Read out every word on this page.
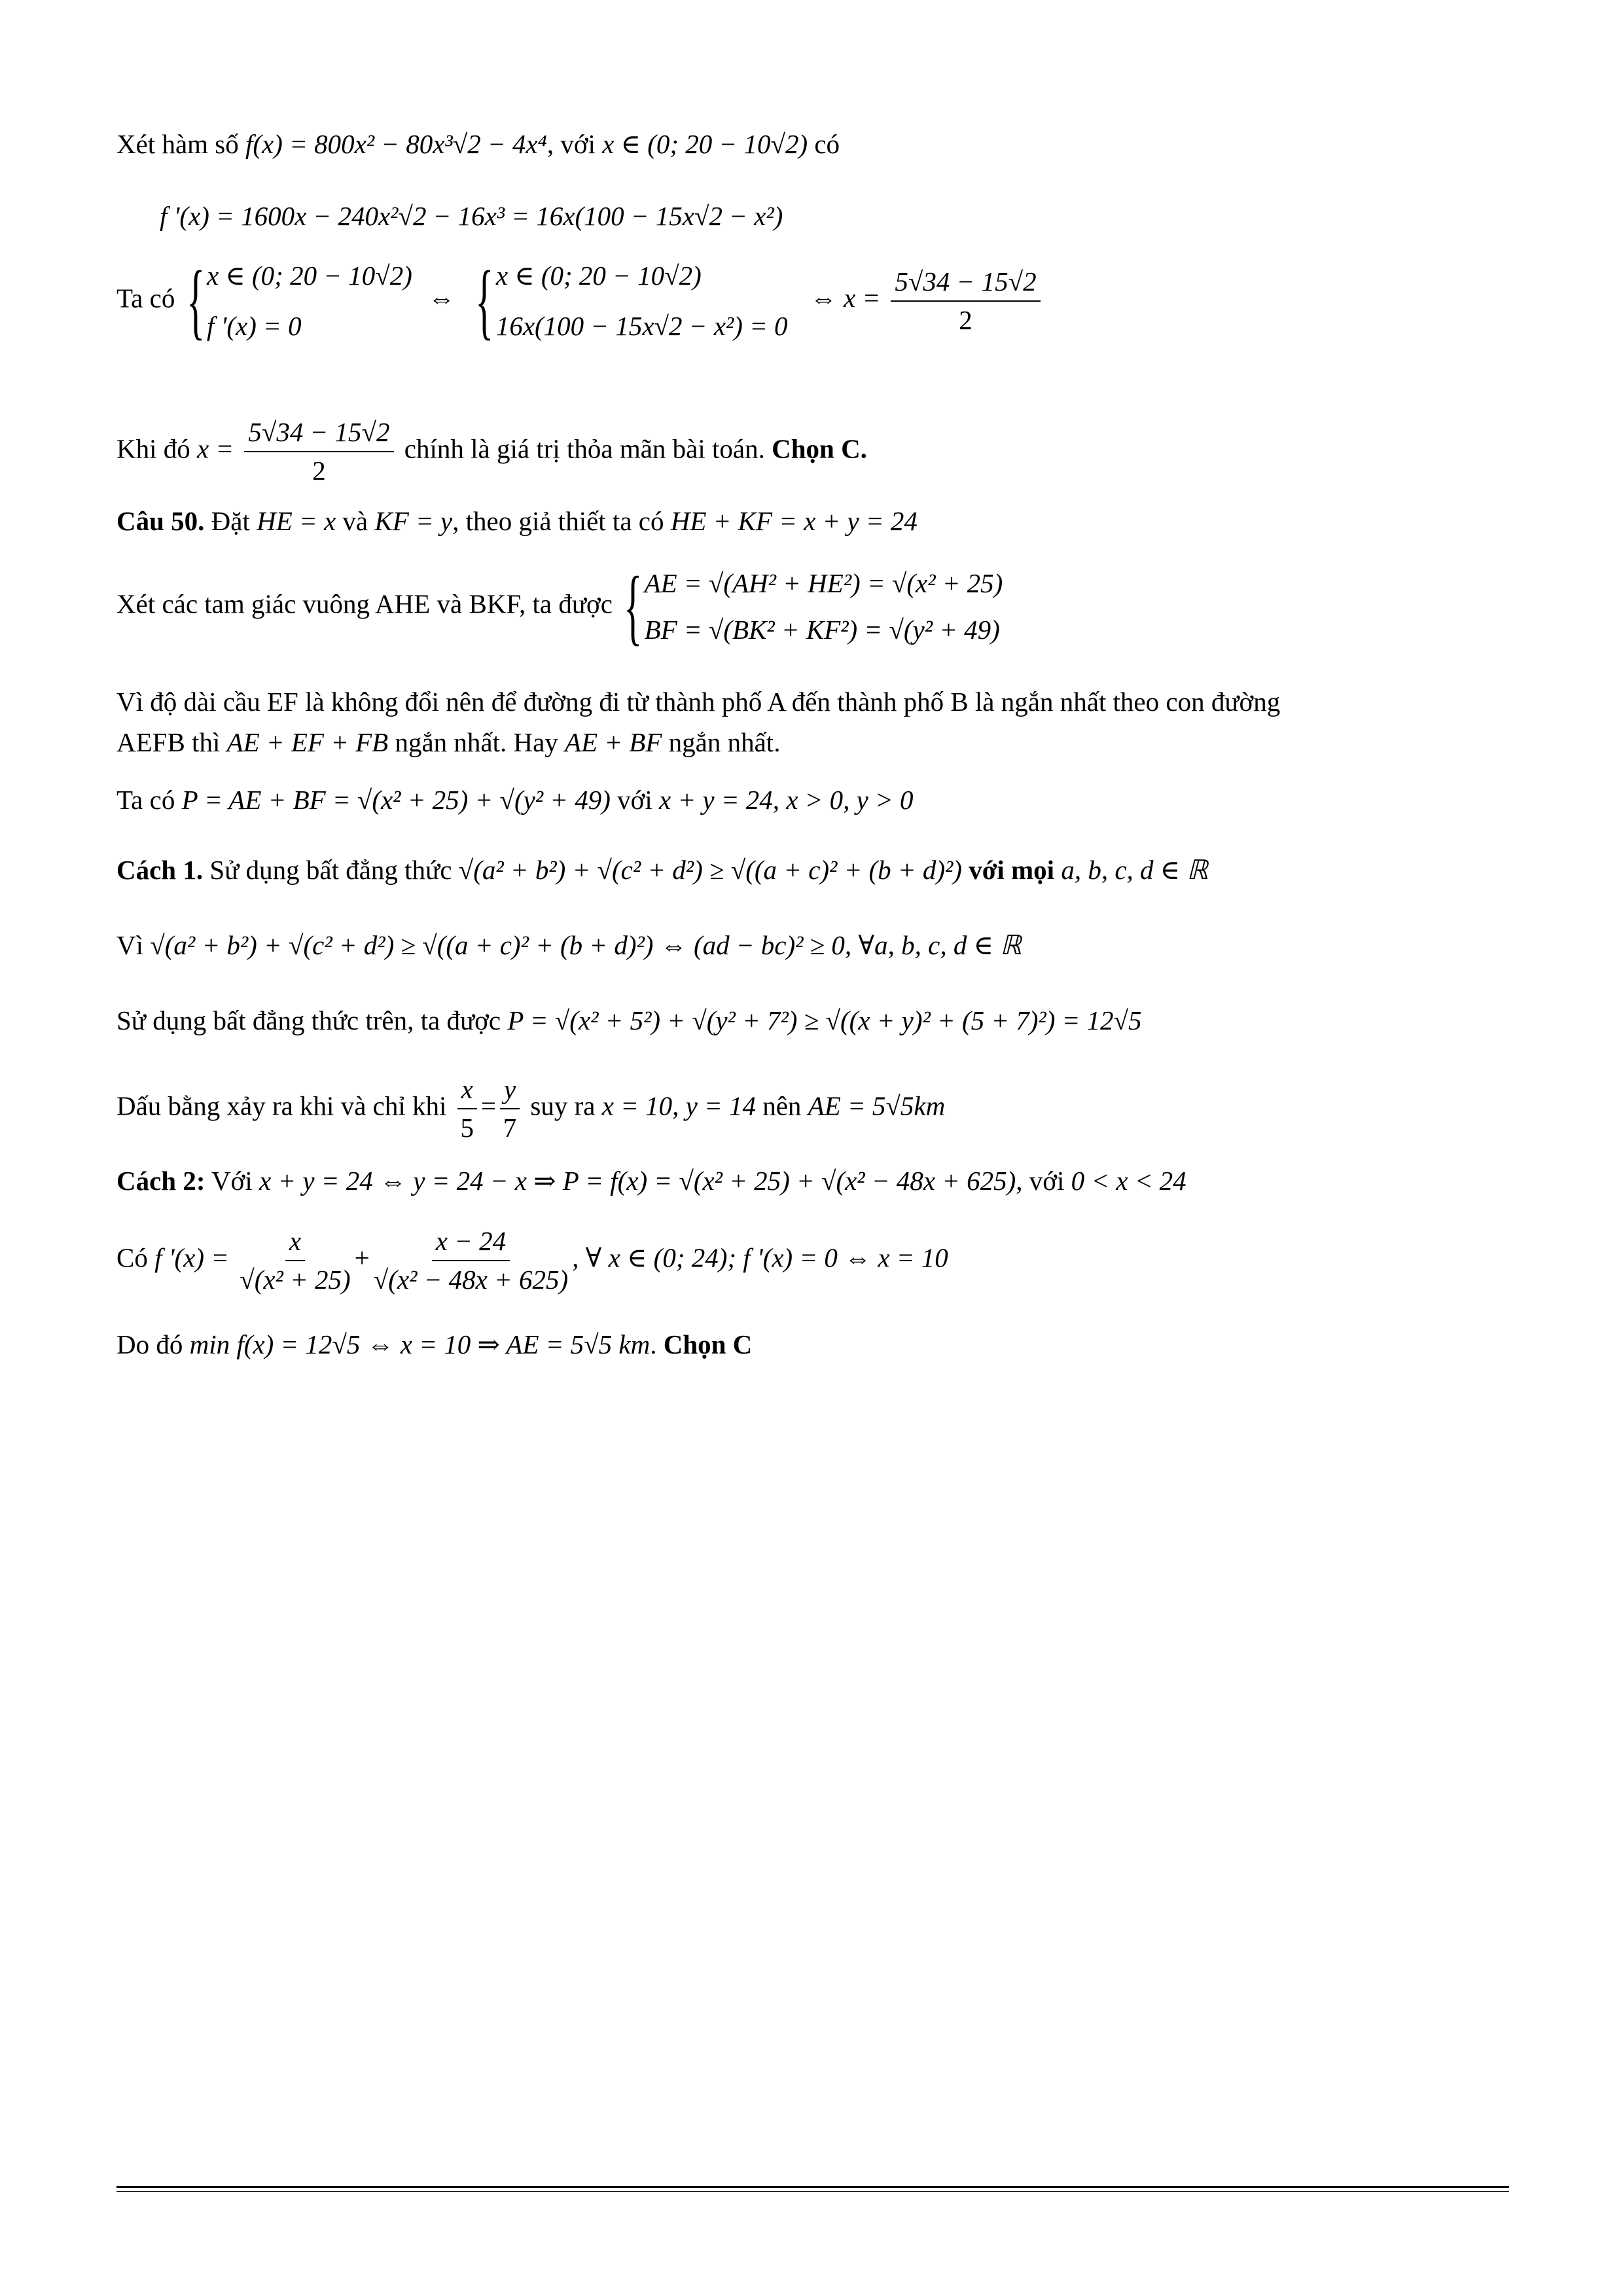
Xét hàm số f(x) = 800x² − 80x³√2 − 4x⁴, với x ∈ (0; 20 − 10√2) có
f '(x) = 1600x − 240x²√2 − 16x³ = 16x(100 − 15x√2 − x²)
Ta có { x ∈ (0; 20 − 10√2)
f '(x) = 0
⇔ { x ∈ (0; 20 − 10√2)
16x(100 − 15x√2 − x²) = 0
⇔ $x = \frac{5√34 - 15√2}{2}$
Khi đó $x = \frac{5√34 - 15√2}{2}$ chính là giá trị thỏa mãn bài toán. Chọn C.
Câu 50. Đặt HE = x và KF = y, theo giả thiết ta có HE + KF = x + y = 24
Xét các tam giác vuông AHE và BKF, ta được { AE = √(AH² + HE²) = √(x² + 25)
BF = √(BK² + KF²) = √(y² + 49)
Vì độ dài cầu EF là không đổi nên để đường đi từ thành phố A đến thành phố B là ngắn nhất theo con đường
AEFB thì AE + EF + FB ngắn nhất. Hay AE + BF ngắn nhất.
Ta có P = AE + BF = √(x² + 25) + √(y² + 49) với x + y = 24, x > 0, y > 0
Cách 1. Sử dụng bất đẳng thức √(a² + b²) + √(c² + d²) ≥ √((a + c)² + (b + d)²) với mọi a, b, c, d ∈ ℝ
Vì √(a² + b²) + √(c² + d²) ≥ √((a + c)² + (b + d)²) ⇔ (ad − bc)² ≥ 0, ∀a, b, c, d ∈ ℝ
Sử dụng bất đẳng thức trên, ta được P = √(x² + 5²) + √(y² + 7²) ≥ √((x + y)² + (5 + 7)²) = 12√5
Dấu bằng xảy ra khi và chỉ khi $\frac{x}{5} = \frac{y}{7}$ suy ra x = 10, y = 14 nên AE = 5√5km
Cách 2: Với x + y = 24 ⇔ y = 24 − x ⇒ P = f(x) = √(x² + 25) + √(x² − 48x + 625), với 0 < x < 24
Có f '$(x) = \frac{x}{\text{√(x² + 25)}} + \frac{x - 24}{\text{√(x² − 48x + 625)}}$ , ∀ x ∈ (0; 24); f '(x) = 0 ⇔ x = 10
Do đó min f(x) = 12√5 ⇔ x = 10 ⇒ AE = 5√5 km. Chọn C
